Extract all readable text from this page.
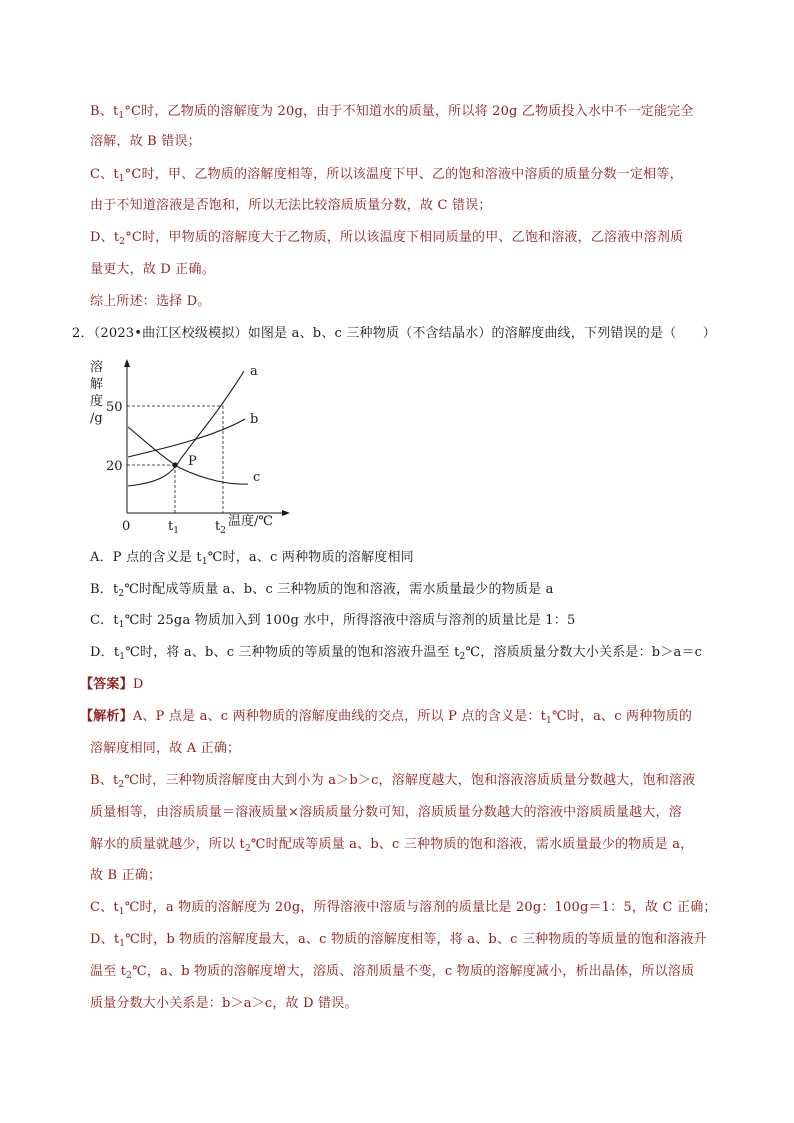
B、$t_1^\circ C$时，乙物质的溶解度为 20g，由于不知道水的质量，所以将 20g 乙物质投入水中不一定能完全
溶解，故 B 错误；
C、$t_1^\circ C$时，甲、乙物质的溶解度相等，所以该温度下甲、乙的饱和溶液中溶质的质量分数一定相等，
由于不知道溶液是否饱和，所以无法比较溶质质量分数，故 C 错误；
D、$t_2^\circ C$时，甲物质的溶解度大于乙物质，所以该温度下相同质量的甲、乙饱和溶液，乙溶液中溶剂质
量更大，故 D 正确。
综上所述：选择 D。
2．（2023•曲江区校级模拟）如图是 a、b、c 三种物质（不含结晶水）的溶解度曲线，下列错误的是（　　）
溶
解
度
/g
50
20
0	$t_1$	$t_2$
温度/℃
a
b
c
P
A．P 点的含义是 $t_1℃$时，a、c 两种物质的溶解度相同
B．$t_2℃$时配成等质量 a、b、c 三种物质的饱和溶液，需水质量最少的物质是 a
C．$t_1℃$时 25ga 物质加入到 100g 水中，所得溶液中溶质与溶剂的质量比是 1：5
D．$t_1℃$时，将 a、b、c 三种物质的等质量的饱和溶液升温至 $t_2℃$，溶质质量分数大小关系是：b＞a＝c
【答案】D
【解析】A、P 点是 a、c 两种物质的溶解度曲线的交点，所以 P 点的含义是：$t_1℃$时，a、c 两种物质的
溶解度相同，故 A 正确；
B、$t_2℃$时，三种物质溶解度由大到小为 a＞b＞c，溶解度越大，饱和溶液溶质质量分数越大，饱和溶液
质量相等，由溶质质量＝溶液质量×溶质质量分数可知，溶质质量分数越大的溶液中溶质质量越大，溶
解水的质量就越少，所以 $t_2℃$时配成等质量 a、b、c 三种物质的饱和溶液，需水质量最少的物质是 a，
故 B 正确；
C、$t_1℃$时，a 物质的溶解度为 20g，所得溶液中溶质与溶剂的质量比是 20g：100g＝1：5，故 C 正确；
D、$t_1℃$时，b 物质的溶解度最大，a、c 物质的溶解度相等，将 a、b、c 三种物质的等质量的饱和溶液升
温至 $t_2℃$，a、b 物质的溶解度增大，溶质、溶剂质量不变，c 物质的溶解度减小，析出晶体，所以溶质
质量分数大小关系是：b＞a＞c，故 D 错误。
